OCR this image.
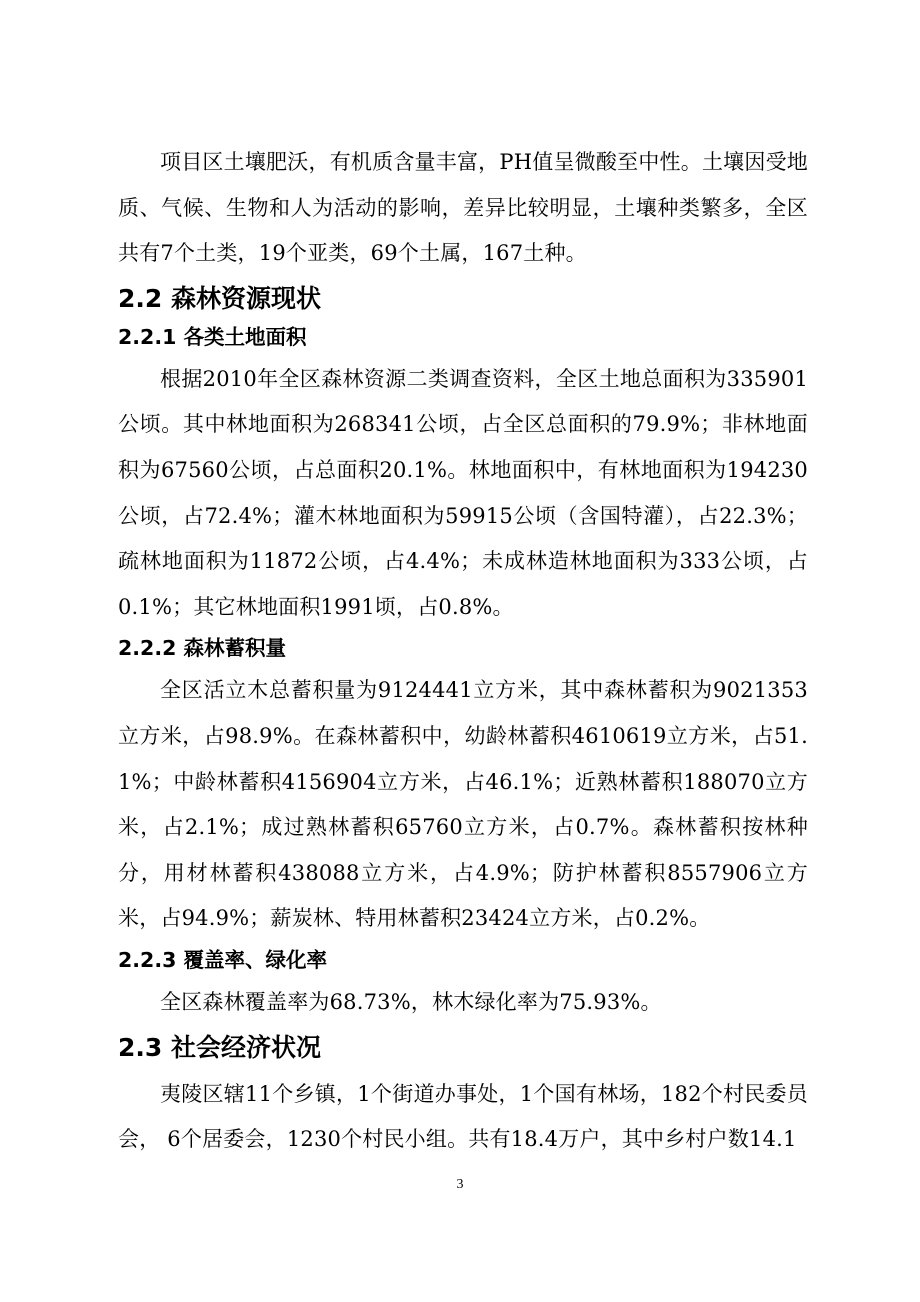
项目区土壤肥沃，有机质含量丰富，PH值呈微酸至中性。土壤因受地质、气候、生物和人为活动的影响，差异比较明显，土壤种类繁多，全区共有7个土类，19个亚类，69个土属，167土种。

2.2 森林资源现状
2.2.1 各类土地面积

根据2010年全区森林资源二类调查资料，全区土地总面积为335901公顷。其中林地面积为268341公顷，占全区总面积的79.9%；非林地面积为67560公顷，占总面积20.1%。林地面积中，有林地面积为194230公顷，占72.4%；灌木林地面积为59915公顷（含国特灌），占22.3%；疏林地面积为11872公顷，占4.4%；未成林造林地面积为333公顷，占0.1%；其它林地面积1991顷，占0.8%。

2.2.2 森林蓄积量

全区活立木总蓄积量为9124441立方米，其中森林蓄积为9021353立方米，占98.9%。在森林蓄积中，幼龄林蓄积4610619立方米，占51.1%；中龄林蓄积4156904立方米，占46.1%；近熟林蓄积188070立方米，占2.1%；成过熟林蓄积65760立方米，占0.7%。森林蓄积按林种分，用材林蓄积438088立方米，占4.9%；防护林蓄积8557906立方米，占94.9%；薪炭林、特用林蓄积23424立方米，占0.2%。

2.2.3 覆盖率、绿化率

全区森林覆盖率为68.73%，林木绿化率为75.93%。

2.3 社会经济状况

夷陵区辖11个乡镇，1个街道办事处，1个国有林场，182个村民委员会， 6个居委会，1230个村民小组。共有18.4万户，其中乡村户数14.1

3
